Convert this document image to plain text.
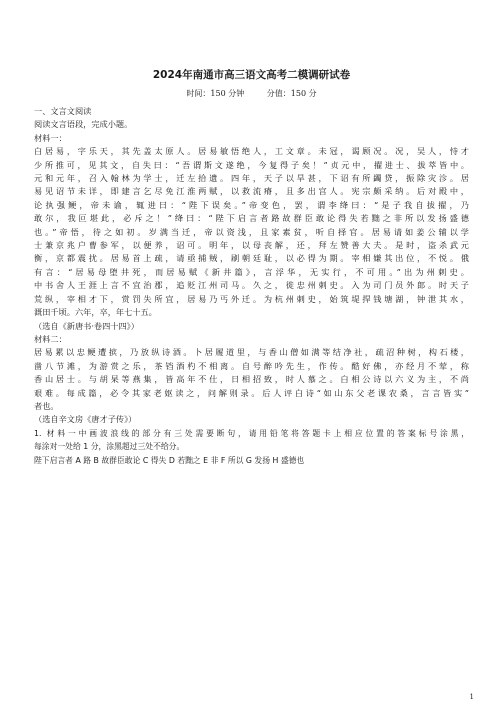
2024年南通市高三语文高考二模调研试卷
时间：150 分钟	分值：150 分

一、文言文阅读

阅读文言语段，完成小题。

材料一：

白居易，字乐天，其先盖太原人。居易敏悟绝人，工文章。未冠，谒顾况。况，吴人，恃才

少所推可，见其文，自失曰：“吾谓斯文遂绝，今复得子矣！”贞元中，擢进士、拔萃皆中。

元和元年，召入翰林为学士，迁左拾遗。四年，天子以旱甚，下诏有所蠲贷，振除灾沴。居

易见诏节未详，即建言乞尽免江淮两赋，以救流瘠，且多出宫人。宪宗颇采纳。后对殿中，

论执强鲠，帝未谕，辄进曰：“陛下误矣。”帝变色，罢，谓李绛曰：“是子我自拔擢，乃

敢尔，我叵堪此，必斥之！”绛曰：“陛下启言者路故群臣敢论得失若黜之非所以发扬盛德

也。”帝悟，待之如初。岁满当迁，帝以资浅，且家素贫，听自择官。居易请如姜公辅以学

士兼京兆户曹参军，以便养，诏可。明年，以母丧解，还，拜左赞善大夫。是时，盗杀武元

衡，京都震扰。居易首上疏，请亟捕贼，刷朝廷耻，以必得为期。宰相嫌其出位，不悦。俄

有言：“居易母堕井死，而居易赋《新井篇》，言浮华，无实行，不可用。”出为州刺史。

中书舍人王涯上言不宜治郡，追贬江州司马。久之，徙忠州刺史。入为司门员外郎。时天子

荒纵，宰相才下，赏罚失所宜，居易乃丐外迁。为杭州刺史，始筑堤捍钱塘湖，钟泄其水，

溉田千顷。六年，卒，年七十五。

（选自《新唐书·卷四十四》）

材料二：

居易累以忠鲠遭摈，乃放纵诗酒。卜居履道里，与香山僧如满等结净社，疏沼种树，构石楼，

凿八节滩，为游赏之乐，茶铛酒杓不相离。自号醉吟先生，作传。酷好佛，亦经月不荤，称

香山居士。与胡杲等燕集，皆高年不仕，日相招致，时人慕之。白相公诗以六义为主，不尚

艰难。每成篇，必令其家老妪读之，问解则录。后人评白诗“如山东父老课农桑，言言皆实”

者也。

（选自辛文房《唐才子传》）

1. 材料一中画波浪线的部分有三处需要断句，请用铅笔将答题卡上相应位置的答案标号涂黑，

每涂对一处给 1 分，涂黑超过三处不给分。

陛下启言者 A 路 B 故群臣敢论 C 得失 D 若黜之 E 非 F 所以 G 发扬 H 盛德也

1
